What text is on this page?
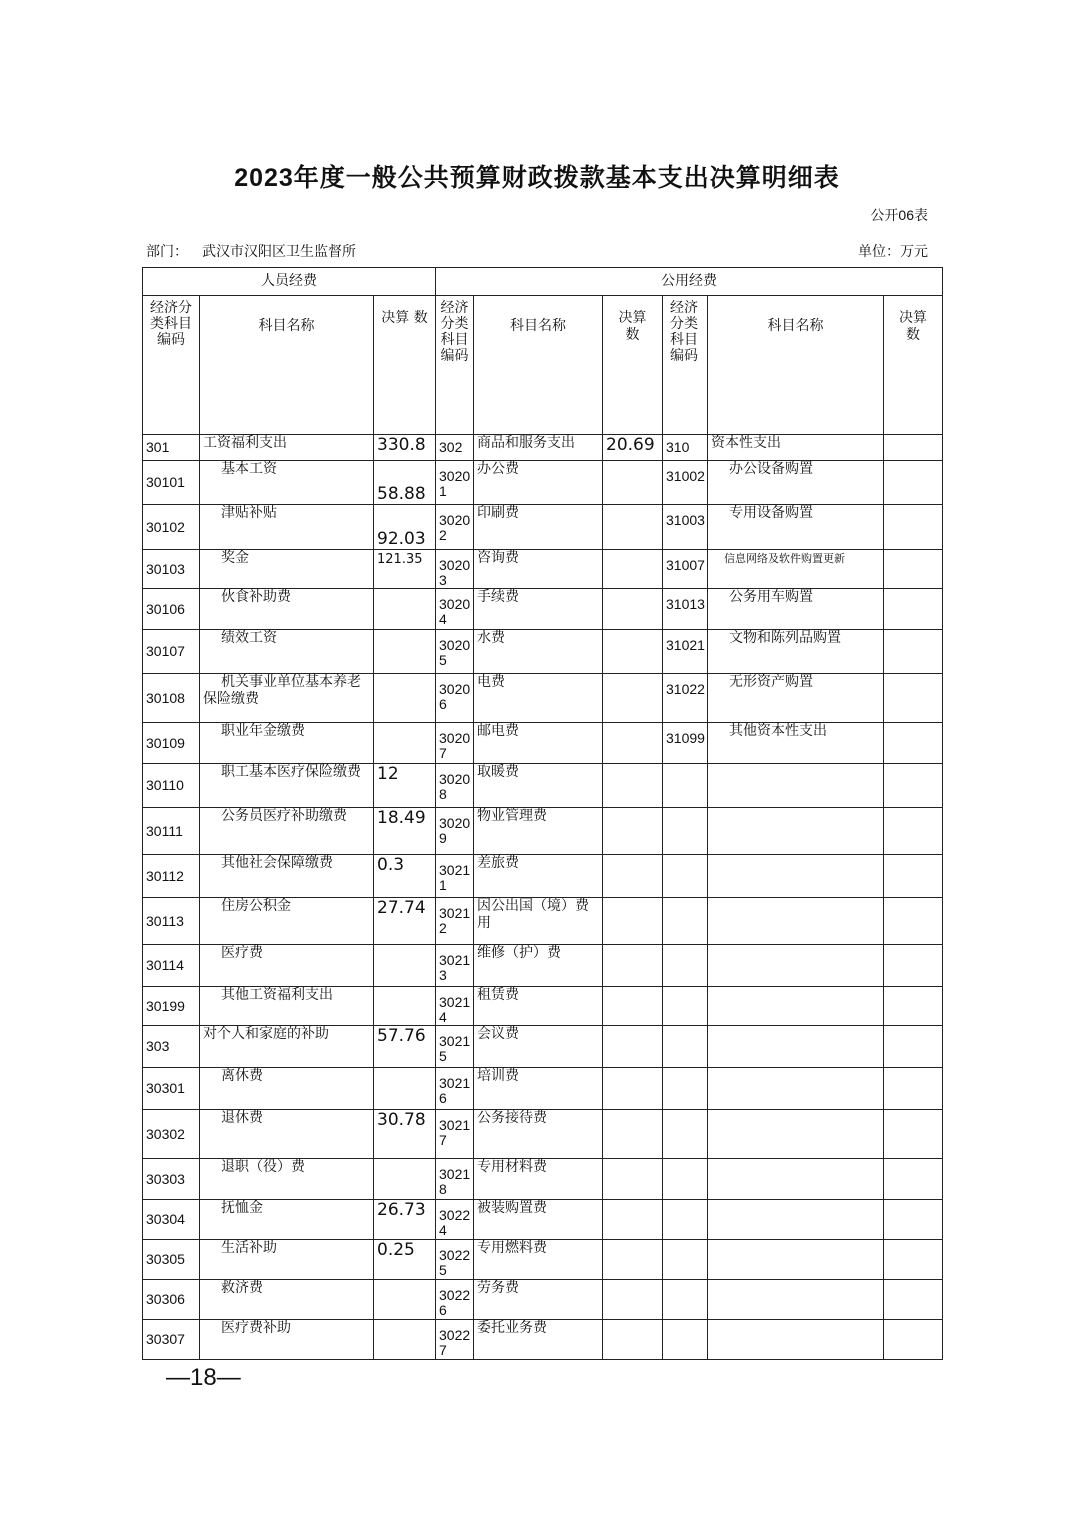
2023年度一般公共预算财政拨款基本支出决算明细表
公开06表
部门： 武汉市汉阳区卫生监督所	单位：万元
人员经费			公用经费					
经济分类科目编码	科目名称	决算 数	经济分类科目编码	科目名称	决算数	经济分类科目编码	科目名称	决算数
301	工资福利支出	330.8	302	商品和服务支出	20.69	310	资本性支出	
30101	基本工资	58.88	30201	办公费		31002	办公设备购置	
30102	津贴补贴	92.03	30202	印刷费		31003	专用设备购置	
30103	奖金	121.35	30203	咨询费		31007	信息网络及软件购置更新	
30106	伙食补助费		30204	手续费		31013	公务用车购置	
30107	绩效工资		30205	水费		31021	文物和陈列品购置	
30108	机关事业单位基本养老保险缴费		30206	电费		31022	无形资产购置	
30109	职业年金缴费		30207	邮电费		31099	其他资本性支出	
30110	职工基本医疗保险缴费	12	30208	取暖费				
30111	公务员医疗补助缴费	18.49	30209	物业管理费				
30112	其他社会保障缴费	0.3	30211	差旅费				
30113	住房公积金	27.74	30212	因公出国（境）费用				
30114	医疗费		30213	维修（护）费				
30199	其他工资福利支出		30214	租赁费				
303	对个人和家庭的补助	57.76	30215	会议费				
30301	离休费		30216	培训费				
30302	退休费	30.78	30217	公务接待费				
30303	退职（役）费		30218	专用材料费				
30304	抚恤金	26.73	30224	被装购置费				
30305	生活补助	0.25	30225	专用燃料费				
30306	救济费		30226	劳务费				
30307	医疗费补助		30227	委托业务费				
—18—
